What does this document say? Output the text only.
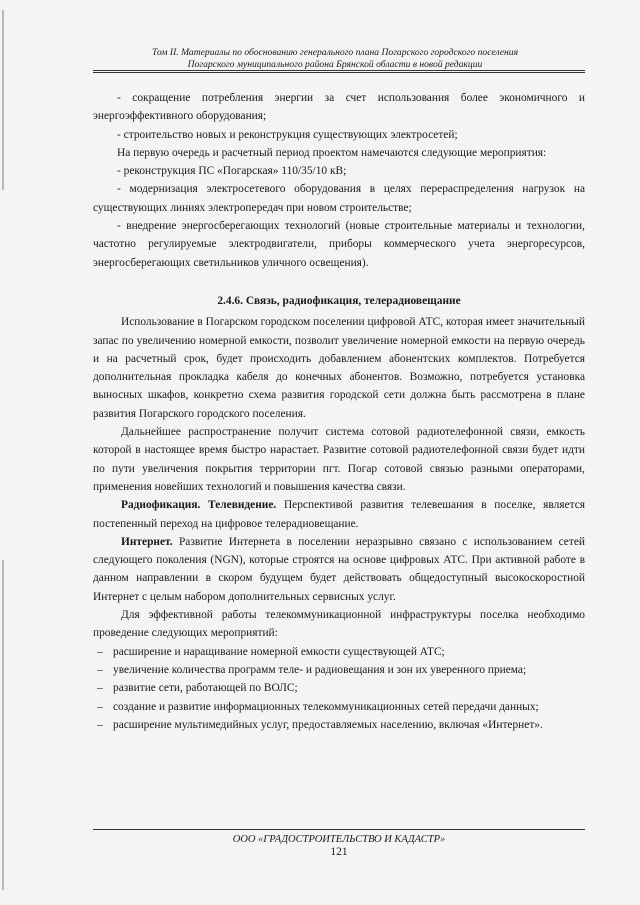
Том II. Материалы по обоснованию генерального плана Погарского городского поселения
Погарского муниципального района Брянской области в новой редакции

- сокращение потребления энергии за счет использования более экономичного и энергоэффективного оборудования;

- строительство новых и реконструкция существующих электросетей;

На первую очередь и расчетный период проектом намечаются следующие мероприятия:

- реконструкция ПС «Погарская» 110/35/10 кВ;

- модернизация электросетевого оборудования в целях перераспределения нагрузок на существующих линиях электропередач при новом строительстве;

- внедрение энергосберегающих технологий (новые строительные материалы и технологии, частотно регулируемые электродвигатели, приборы коммерческого учета энергоресурсов, энергосберегающих светильников уличного освещения).

2.4.6. Связь, радиофикация, телерадиовещание

Использование в Погарском городском поселении цифровой АТС, которая имеет значительный запас по увеличению номерной емкости, позволит увеличение номерной емкости на первую очередь и на расчетный срок, будет происходить добавлением абонентских комплектов. Потребуется дополнительная прокладка кабеля до конечных абонентов. Возможно, потребуется установка выносных шкафов, конкретно схема развития городской сети должна быть рассмотрена в плане развития Погарского городского поселения.

Дальнейшее распространение получит система сотовой радиотелефонной связи, емкость которой в настоящее время быстро нарастает. Развитие сотовой радиотелефонной связи будет идти по пути увеличения покрытия территории пгт. Погар сотовой связью разными операторами, применения новейших технологий и повышения качества связи.

Радиофикация. Телевидение. Перспективой развития телевешания в поселке, является постепенный переход на цифровое телерадиовещание.

Интернет. Развитие Интернета в поселении неразрывно связано с использованием сетей следующего поколения (NGN), которые строятся на основе цифровых АТС. При активной работе в данном направлении в скором будущем будет действовать общедоступный высокоскоростной Интернет с целым набором дополнительных сервисных услуг.

Для эффективной работы телекоммуникационной инфраструктуры поселка необходимо проведение следующих мероприятий:

– расширение и наращивание номерной емкости существующей АТС;
– увеличение количества программ теле- и радиовещания и зон их уверенного приема;
– развитие сети, работающей по ВОЛС;
– создание и развитие информационных телекоммуникационных сетей передачи данных;
– расширение мультимедийных услуг, предоставляемых населению, включая «Интернет».
ООО «ГРАДОСТРОИТЕЛЬСТВО И КАДАСТР»
121
